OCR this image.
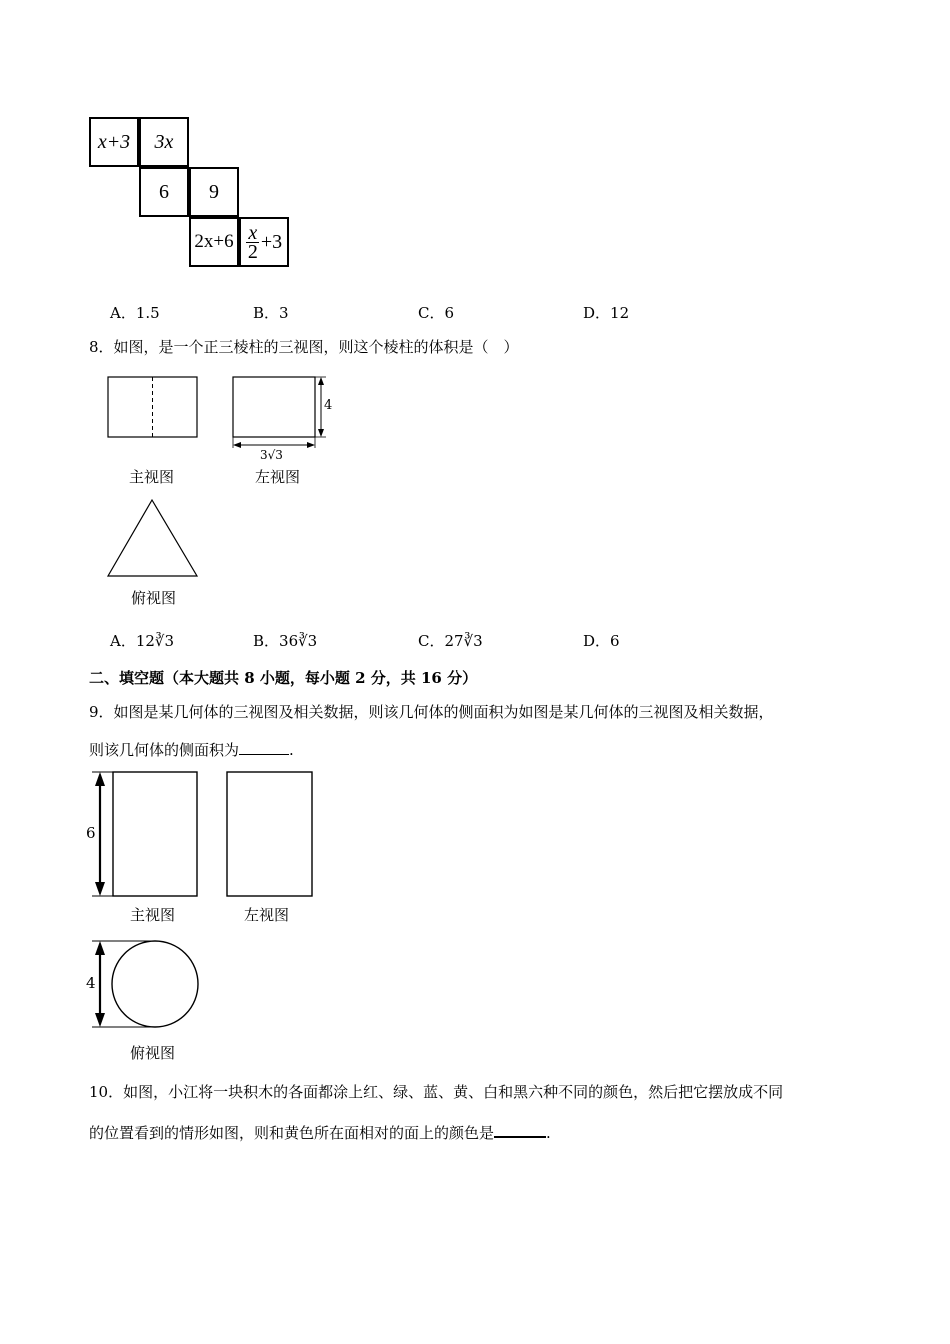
x+3 3x
6 9
$2x+6 \frac{x}{2} +3$
A．1.5	B．3	C．6	D．12
8．如图，是一个正三棱柱的三视图，则这个棱柱的体积是（　）
4
3√3
主视图	左视图
俯视图
A．12∛3	B．36∛3	C．27∛3	D．6
二、填空题（本大题共 8 小题，每小题 2 分，共 16 分）
9．如图是某几何体的三视图及相关数据，则该几何体的侧面积为如图是某几何体的三视图及相关数据，
则该几何体的侧面积为	.
6
4
主视图	左视图
俯视图
10．如图，小江将一块积木的各面都涂上红、绿、蓝、黄、白和黑六种不同的颜色，然后把它摆放成不同
的位置看到的情形如图，则和黄色所在面相对的面上的颜色是	.
